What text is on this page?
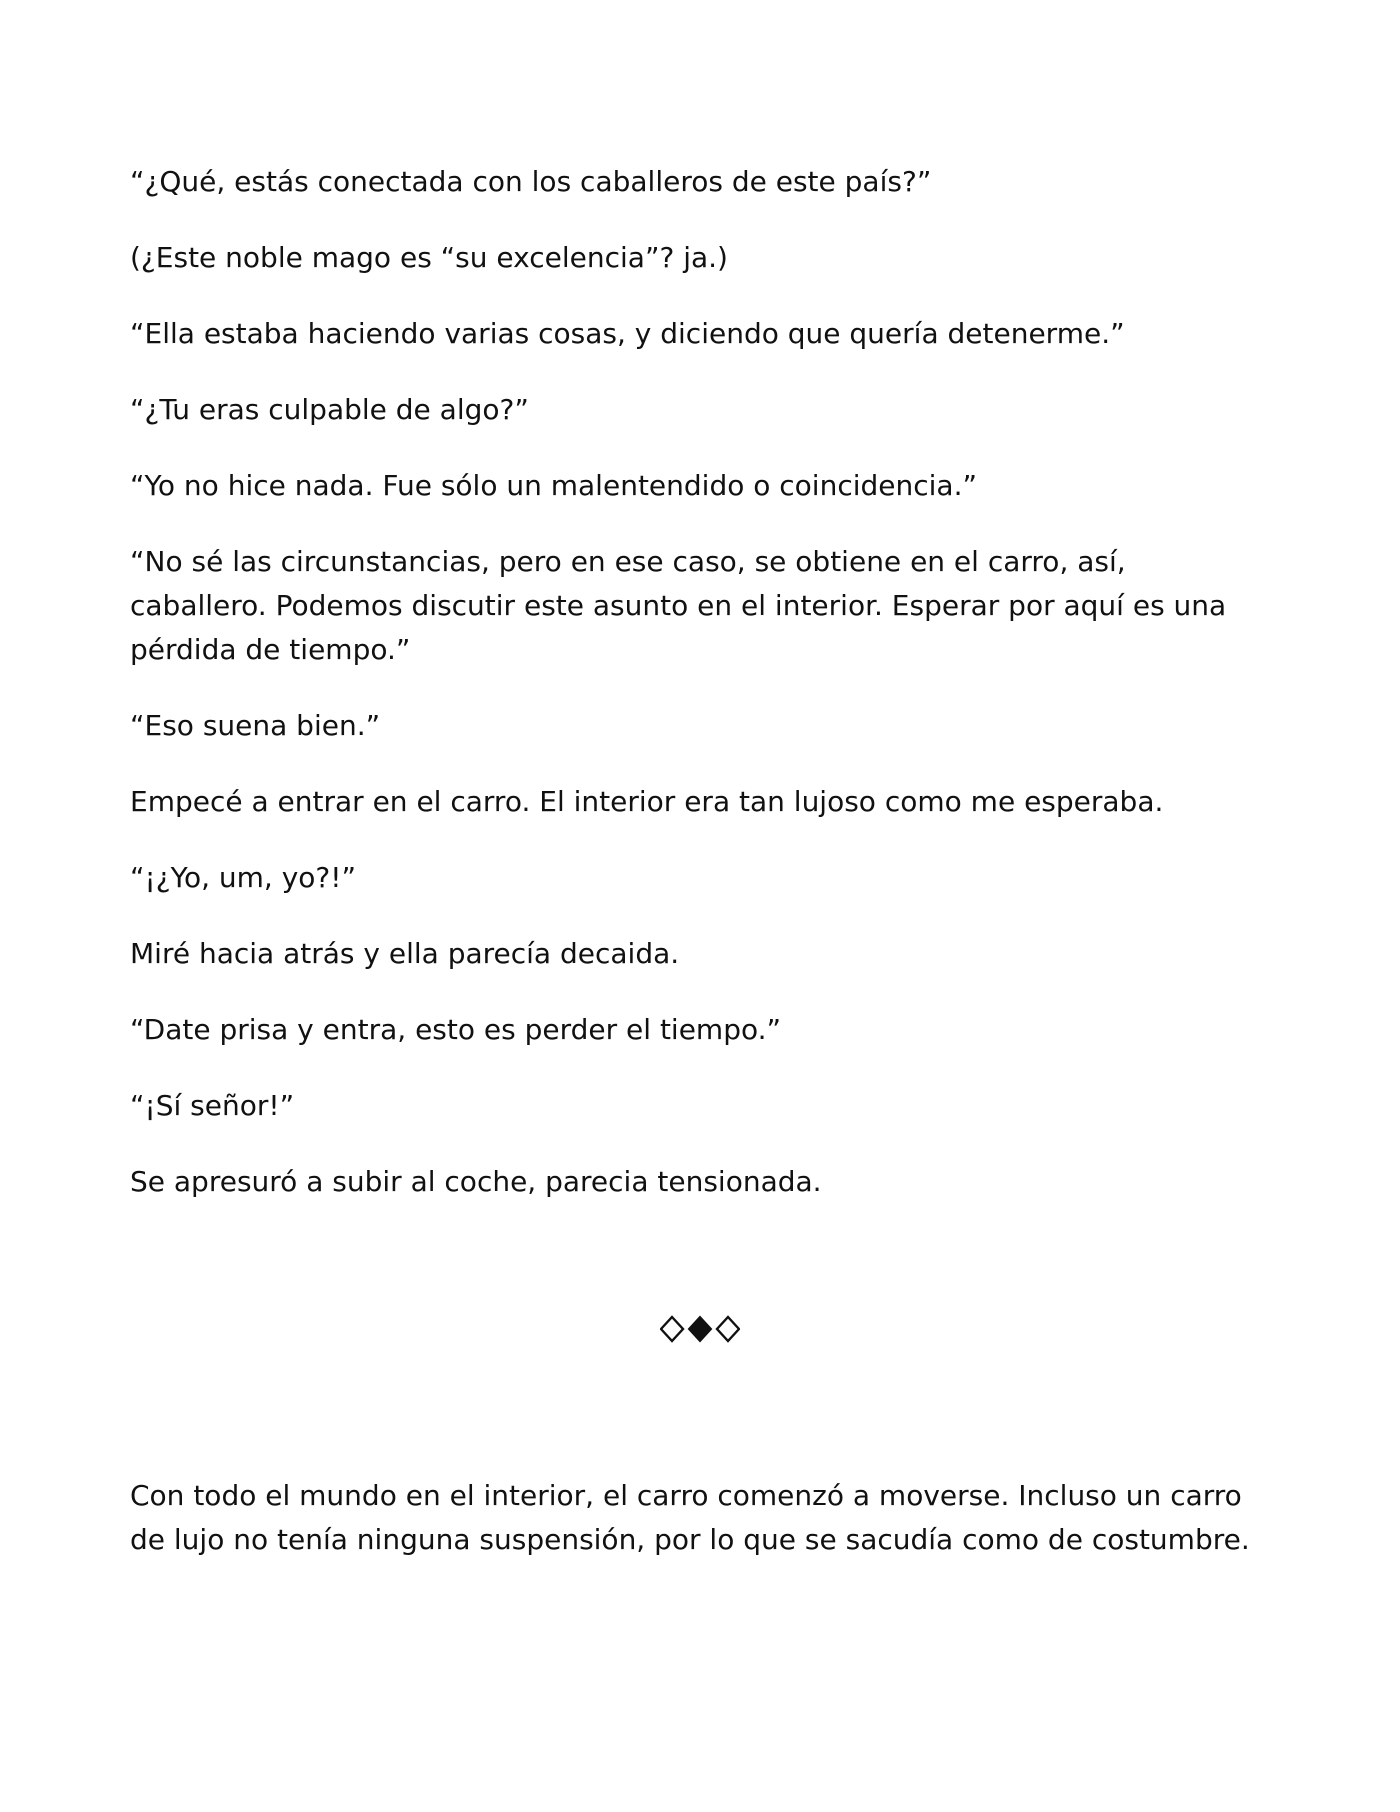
“¿Qué, estás conectada con los caballeros de este país?”

(¿Este noble mago es “su excelencia”? ja.)

“Ella estaba haciendo varias cosas, y diciendo que quería detenerme.”

“¿Tu eras culpable de algo?”

“Yo no hice nada. Fue sólo un malentendido o coincidencia.”

“No sé las circunstancias, pero en ese caso, se obtiene en el carro, así, caballero. Podemos discutir este asunto en el interior. Esperar por aquí es una pérdida de tiempo.”

“Eso suena bien.”

Empecé a entrar en el carro. El interior era tan lujoso como me esperaba.

“¡¿Yo, um, yo?!”

Miré hacia atrás y ella parecía decaida.

“Date prisa y entra, esto es perder el tiempo.”

“¡Sí señor!”

Se apresuró a subir al coche, parecia tensionada.

Con todo el mundo en el interior, el carro comenzó a moverse. Incluso un carro de lujo no tenía ninguna suspensión, por lo que se sacudía como de costumbre.
